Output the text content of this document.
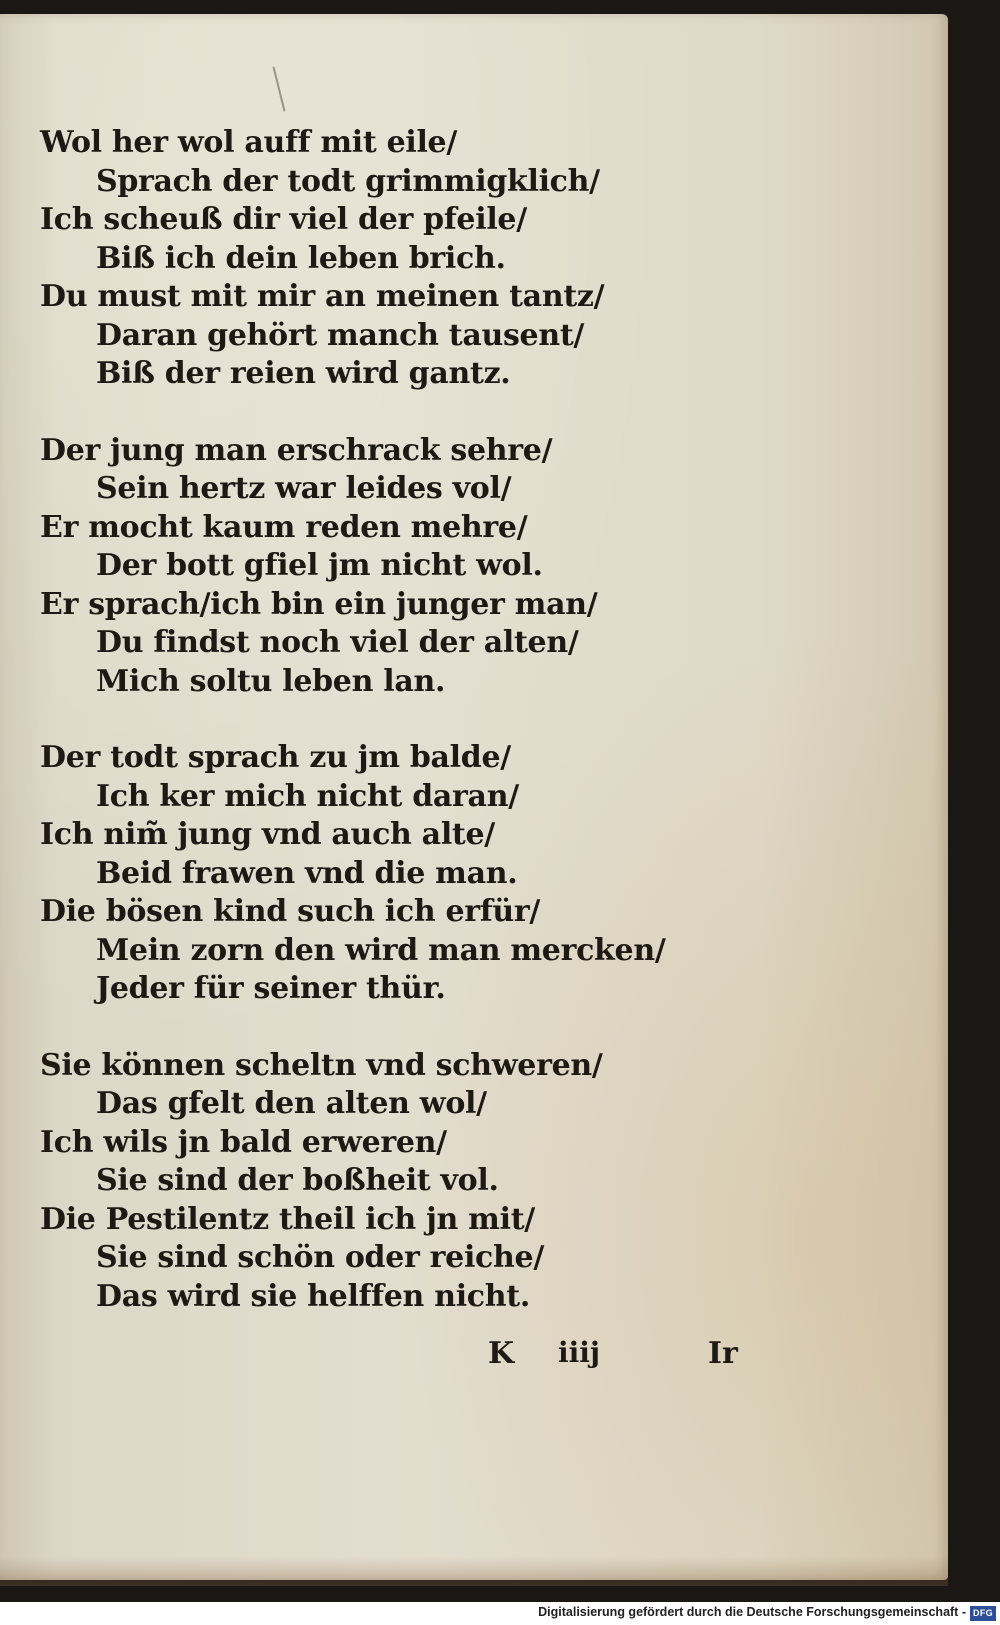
Wol her wol auff mit eile/
Sprach der todt grimmigklich/
Ich scheuß dir viel der pfeile/
Biß ich dein leben brich.
Du must mit mir an meinen tantz/
Daran gehört manch tausent/
Biß der reien wird gantz.
Der jung man erschrack sehre/
Sein hertz war leides vol/
Er mocht kaum reden mehre/
Der bott gfiel jm nicht wol.
Er sprach/ich bin ein junger man/
Du findst noch viel der alten/
Mich soltu leben lan.
Der todt sprach zu jm balde/
Ich ker mich nicht daran/
Ich nim̃ jung vnd auch alte/
Beid frawen vnd die man.
Die bösen kind such ich erfür/
Mein zorn den wird man mercken/
Jeder für seiner thür.
Sie können scheltn vnd schweren/
Das gfelt den alten wol/
Ich wils jn bald erweren/
Sie sind der boßheit vol.
Die Pestilentz theil ich jn mit/
Sie sind schön oder reiche/
Das wird sie helffen nicht.
K iiij	Ir
Digitalisierung gefördert durch die Deutsche Forschungsgemeinschaft - DFG
